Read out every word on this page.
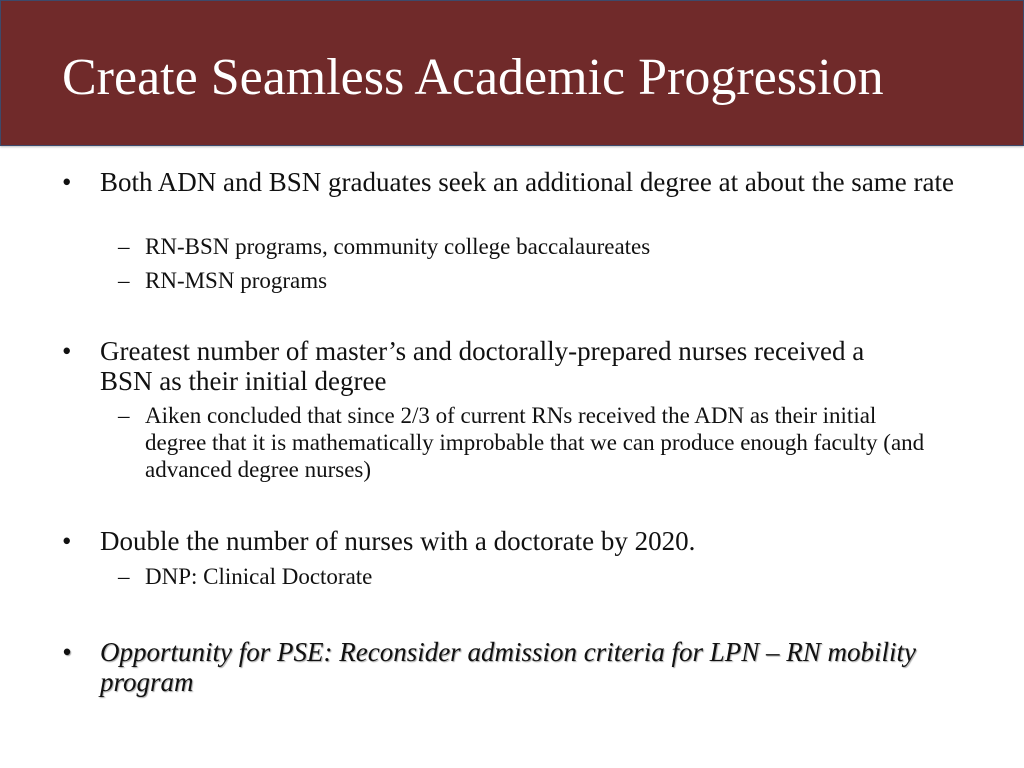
Create Seamless Academic Progression
•	Both ADN and BSN graduates seek an additional degree at about the same rate
– RN-BSN programs, community college baccalaureates
– RN-MSN programs
•	Greatest number of master’s and doctorally-prepared nurses received a BSN as their initial degree
– Aiken concluded that since 2/3 of current RNs received the ADN as their initial degree that it is mathematically improbable that we can produce enough faculty (and advanced degree nurses)
•	Double the number of nurses with a doctorate by 2020.
– DNP: Clinical Doctorate
•	Opportunity for PSE: Reconsider admission criteria for LPN – RN mobility program
